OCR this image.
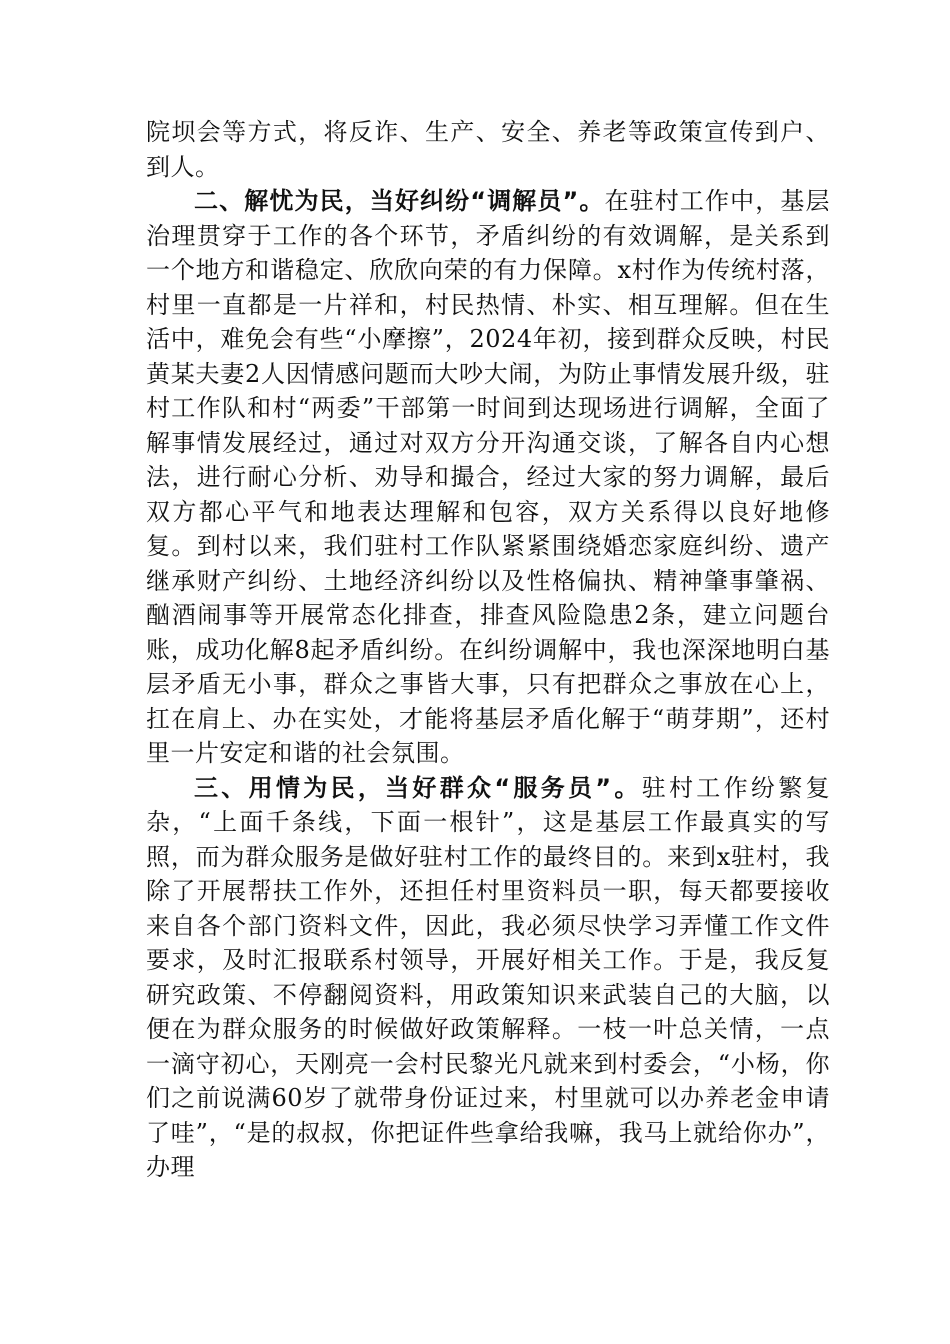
院坝会等方式，将反诈、生产、安全、养老等政策宣传到户、到人。

二、解忧为民，当好纠纷“调解员”。在驻村工作中，基层治理贯穿于工作的各个环节，矛盾纠纷的有效调解，是关系到一个地方和谐稳定、欣欣向荣的有力保障。x村作为传统村落，村里一直都是一片祥和，村民热情、朴实、相互理解。但在生活中，难免会有些“小摩擦”，2024年初，接到群众反映，村民黄某夫妻2人因情感问题而大吵大闹，为防止事情发展升级，驻村工作队和村“两委”干部第一时间到达现场进行调解，全面了解事情发展经过，通过对双方分开沟通交谈，了解各自内心想法，进行耐心分析、劝导和撮合，经过大家的努力调解，最后双方都心平气和地表达理解和包容，双方关系得以良好地修复。到村以来，我们驻村工作队紧紧围绕婚恋家庭纠纷、遗产继承财产纠纷、土地经济纠纷以及性格偏执、精神肇事肇祸、酗酒闹事等开展常态化排查，排查风险隐患2条，建立问题台账，成功化解8起矛盾纠纷。在纠纷调解中，我也深深地明白基层矛盾无小事，群众之事皆大事，只有把群众之事放在心上，扛在肩上、办在实处，才能将基层矛盾化解于“萌芽期”，还村里一片安定和谐的社会氛围。

三、用情为民，当好群众“服务员”。驻村工作纷繁复杂，“上面千条线，下面一根针”，这是基层工作最真实的写照，而为群众服务是做好驻村工作的最终目的。来到x驻村，我除了开展帮扶工作外，还担任村里资料员一职，每天都要接收来自各个部门资料文件，因此，我必须尽快学习弄懂工作文件要求，及时汇报联系村领导，开展好相关工作。于是，我反复研究政策、不停翻阅资料，用政策知识来武装自己的大脑，以便在为群众服务的时候做好政策解释。一枝一叶总关情，一点一滴守初心，天刚亮一会村民黎光凡就来到村委会，“小杨，你们之前说满60岁了就带身份证过来，村里就可以办养老金申请了哇”，“是的叔叔，你把证件些拿给我嘛，我马上就给你办”，办理
